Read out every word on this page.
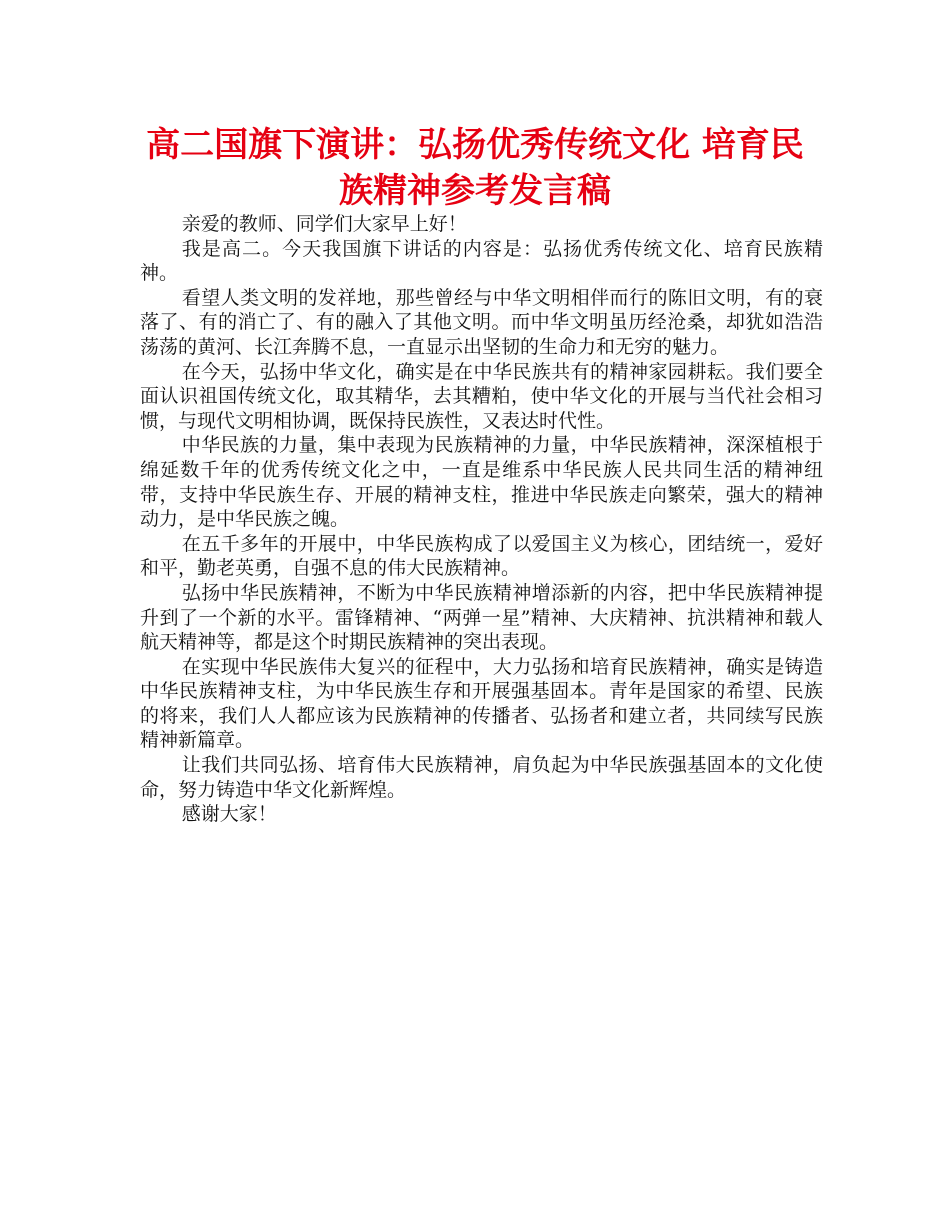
高二国旗下演讲：弘扬优秀传统文化 培育民族精神参考发言稿

亲爱的教师、同学们大家早上好！

我是高二。今天我国旗下讲话的内容是：弘扬优秀传统文化、培育民族精神。

看望人类文明的发祥地，那些曾经与中华文明相伴而行的陈旧文明，有的衰落了、有的消亡了、有的融入了其他文明。而中华文明虽历经沧桑，却犹如浩浩荡荡的黄河、长江奔腾不息，一直显示出坚韧的生命力和无穷的魅力。

在今天，弘扬中华文化，确实是在中华民族共有的精神家园耕耘。我们要全面认识祖国传统文化，取其精华，去其糟粕，使中华文化的开展与当代社会相习惯，与现代文明相协调，既保持民族性，又表达时代性。

中华民族的力量，集中表现为民族精神的力量，中华民族精神，深深植根于绵延数千年的优秀传统文化之中，一直是维系中华民族人民共同生活的精神纽带，支持中华民族生存、开展的精神支柱，推进中华民族走向繁荣，强大的精神动力，是中华民族之魄。

在五千多年的开展中，中华民族构成了以爱国主义为核心，团结统一，爱好和平，勤老英勇，自强不息的伟大民族精神。

弘扬中华民族精神，不断为中华民族精神增添新的内容，把中华民族精神提升到了一个新的水平。雷锋精神、“两弹一星”精神、大庆精神、抗洪精神和载人航天精神等，都是这个时期民族精神的突出表现。

在实现中华民族伟大复兴的征程中，大力弘扬和培育民族精神，确实是铸造中华民族精神支柱，为中华民族生存和开展强基固本。青年是国家的希望、民族的将来，我们人人都应该为民族精神的传播者、弘扬者和建立者，共同续写民族精神新篇章。

让我们共同弘扬、培育伟大民族精神，肩负起为中华民族强基固本的文化使命，努力铸造中华文化新辉煌。

感谢大家！
